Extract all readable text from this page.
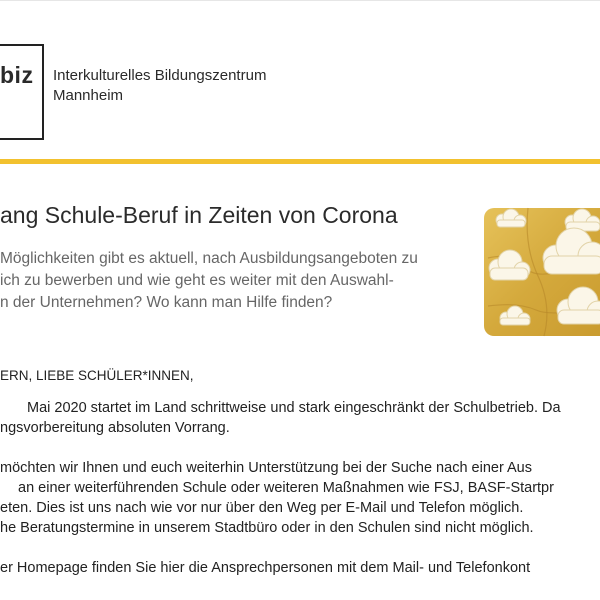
biz Interkulturelles Bildungszentrum
Mannheim
ang Schule-Beruf in Zeiten von Corona
Möglichkeiten gibt es aktuell, nach Ausbildungsangeboten zu
ich zu bewerben und wie geht es weiter mit den Auswahl-
n der Unternehmen? Wo kann man Hilfe finden?
ERN, LIEBE SCHÜLER*INNEN,
Mai 2020 startet im Land schrittweise und stark eingeschränkt der Schulbetrieb. Da
ngsvorbereitung absoluten Vorrang.
möchten wir Ihnen und euch weiterhin Unterstützung bei der Suche nach einer Aus
an einer weiterführenden Schule oder weiteren Maßnahmen wie FSJ, BASF-Startpr
eten. Dies ist uns nach wie vor nur über den Weg per E-Mail und Telefon möglich.
he Beratungstermine in unserem Stadtbüro oder in den Schulen sind nicht möglich.
er Homepage finden Sie hier die Ansprechpersonen mit dem Mail- und Telefonkont
